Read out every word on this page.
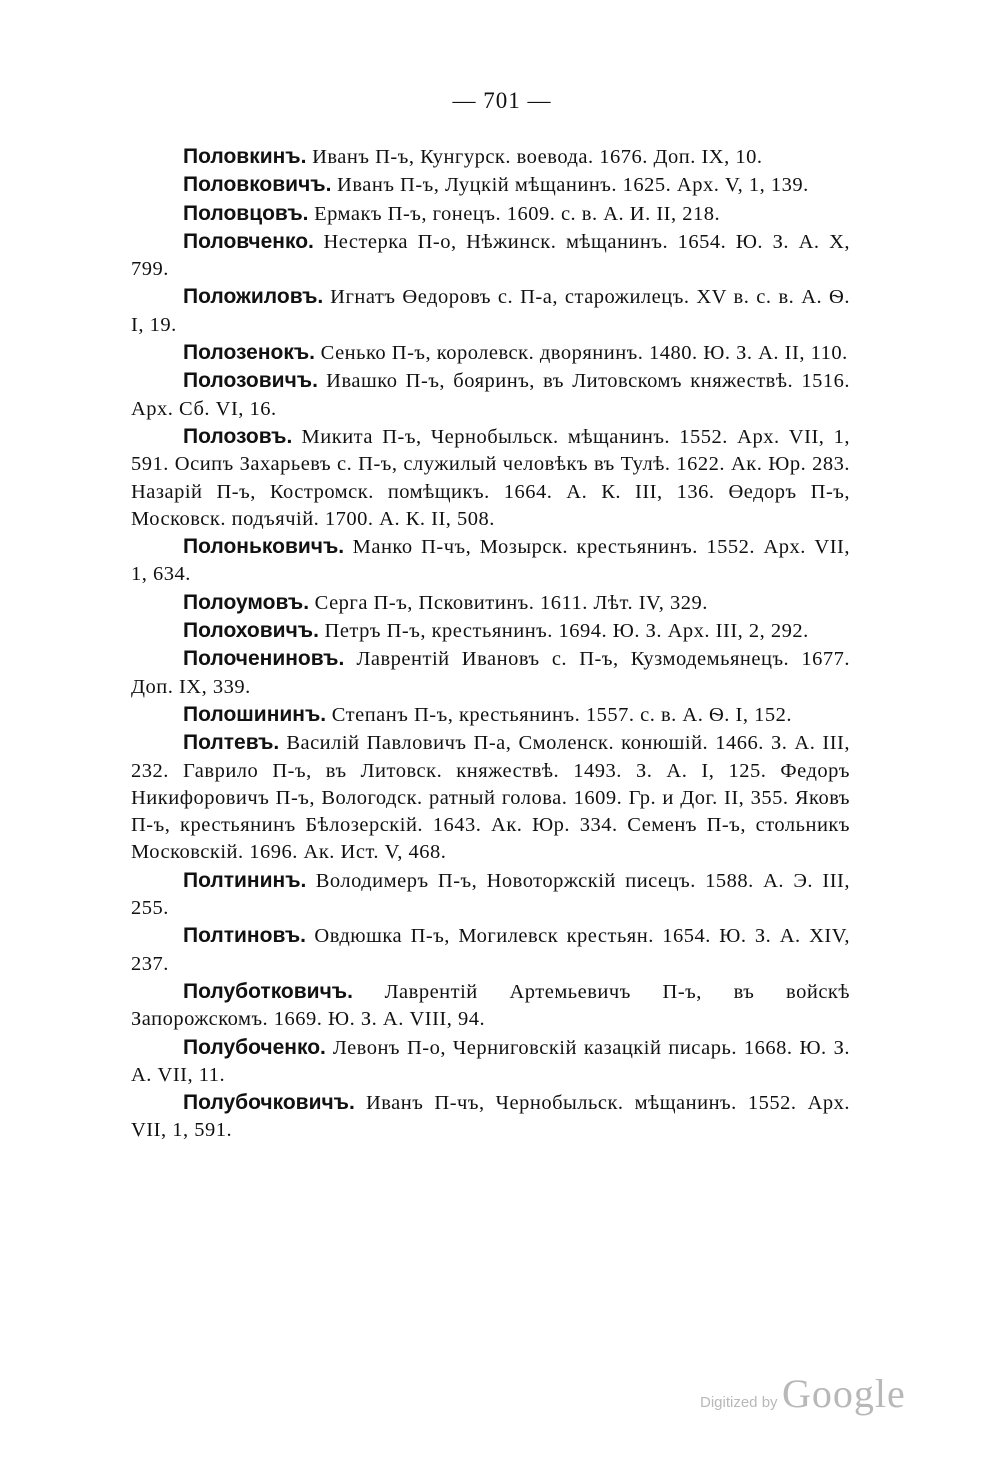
— 701 —

Половкинъ. Иванъ П-ъ, Кунгурск. воевода. 1676. Доп. IX, 10.

Половковичъ. Иванъ П-ъ, Луцкій мѣщанинъ. 1625. Арх. V, 1, 139.

Половцовъ. Ермакъ П-ъ, гонецъ. 1609. с. в. А. И. II, 218.

Половченко. Нестерка П-о, Нѣжинск. мѣщанинъ. 1654. Ю. З. А. X, 799.

Положиловъ. Игнатъ Өедоровъ с. П-а, старожилецъ. XV в. с. в. А. Ѳ. I, 19.

Полозенокъ. Сенько П-ъ, королевск. дворянинъ. 1480. Ю. З. А. II, 110.

Полозовичъ. Ивашко П-ъ, бояринъ, въ Литовскомъ княжествѣ. 1516. Арх. Сб. VI, 16.

Полозовъ. Микита П-ъ, Чернобыльск. мѣщанинъ. 1552. Арх. VII, 1, 591. Осипъ Захарьевъ с. П-ъ, служилый человѣкъ въ Тулѣ. 1622. Ак. Юр. 283. Назарій П-ъ, Костромск. помѣщикъ. 1664. А. К. III, 136. Өедоръ П-ъ, Московск. подъячій. 1700. А. К. II, 508.

Полоньковичъ. Манко П-чъ, Мозырск. крестьянинъ. 1552. Арх. VII, 1, 634.

Полоумовъ. Серга П-ъ, Псковитинъ. 1611. Лѣт. IV, 329.

Полоховичъ. Петръ П-ъ, крестьянинъ. 1694. Ю. З. Арх. III, 2, 292.

Полочениновъ. Лаврентій Ивановъ с. П-ъ, Кузмодемьянецъ. 1677. Доп. IX, 339.

Полошининъ. Степанъ П-ъ, крестьянинъ. 1557. с. в. А. Ѳ. I, 152.

Полтевъ. Василій Павловичъ П-а, Смоленск. конюшій. 1466. З. А. III, 232. Гаврило П-ъ, въ Литовск. княжествѣ. 1493. З. А. I, 125. Федоръ Никифоровичъ П-ъ, Вологодск. ратный голова. 1609. Гр. и Дог. II, 355. Яковъ П-ъ, крестьянинъ Бѣлозерскій. 1643. Ак. Юр. 334. Семенъ П-ъ, стольникъ Московскій. 1696. Ак. Ист. V, 468.

Полтининъ. Володимеръ П-ъ, Новоторжскій писецъ. 1588. А. Э. III, 255.

Полтиновъ. Овдюшка П-ъ, Могилевск крестьян. 1654. Ю. З. А. XIV, 237.

Полуботковичъ. Лаврентій Артемьевичъ П-ъ, въ войскѣ Запорожскомъ. 1669. Ю. З. А. VIII, 94.

Полубоченко. Левонъ П-о, Черниговскій казацкій писарь. 1668. Ю. З. А. VII, 11.

Полубочковичъ. Иванъ П-чъ, Чернобыльск. мѣщанинъ. 1552. Арх. VII, 1, 591.

Digitized by Google
